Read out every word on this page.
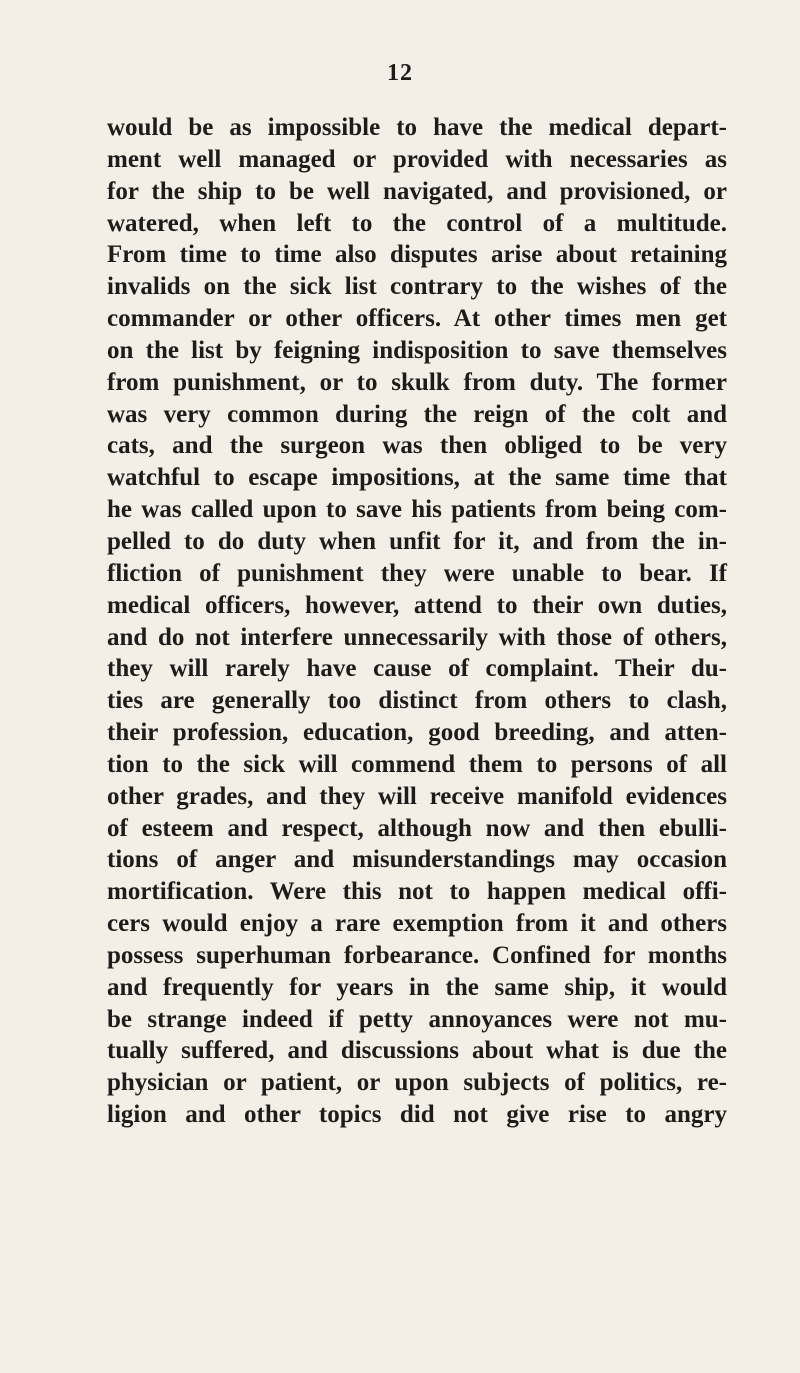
12
would be as impossible to have the medical depart-
ment well managed or provided with necessaries as
for the ship to be well navigated, and provisioned, or
watered, when left to the control of a multitude.
From time to time also disputes arise about retaining
invalids on the sick list contrary to the wishes of the
commander or other officers. At other times men get
on the list by feigning indisposition to save themselves
from punishment, or to skulk from duty. The former
was very common during the reign of the colt and
cats, and the surgeon was then obliged to be very
watchful to escape impositions, at the same time that
he was called upon to save his patients from being com-
pelled to do duty when unfit for it, and from the in-
fliction of punishment they were unable to bear. If
medical officers, however, attend to their own duties,
and do not interfere unnecessarily with those of others,
they will rarely have cause of complaint. Their du-
ties are generally too distinct from others to clash,
their profession, education, good breeding, and atten-
tion to the sick will commend them to persons of all
other grades, and they will receive manifold evidences
of esteem and respect, although now and then ebulli-
tions of anger and misunderstandings may occasion
mortification. Were this not to happen medical offi-
cers would enjoy a rare exemption from it and others
possess superhuman forbearance. Confined for months
and frequently for years in the same ship, it would
be strange indeed if petty annoyances were not mu-
tually suffered, and discussions about what is due the
physician or patient, or upon subjects of politics, re-
ligion and other topics did not give rise to angry
